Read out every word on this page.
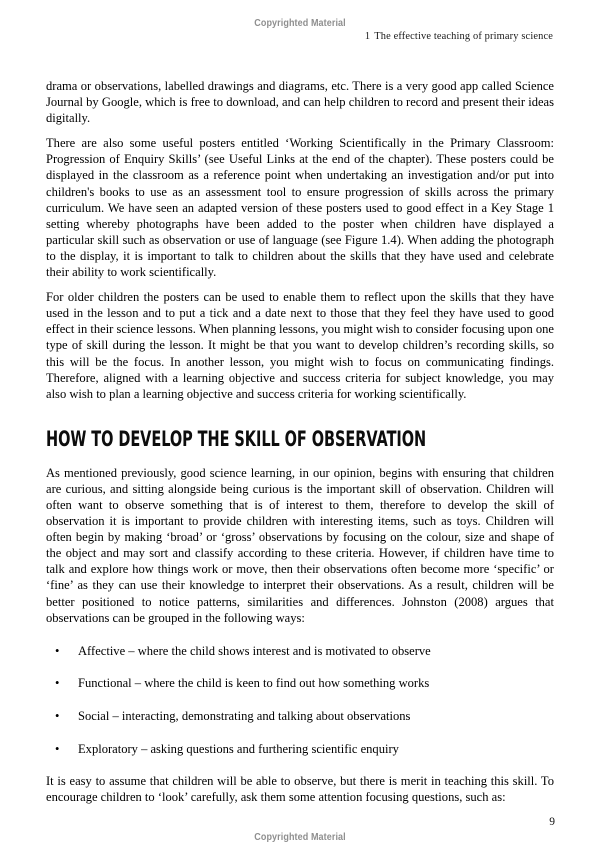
Copyrighted Material
1 The effective teaching of primary science

drama or observations, labelled drawings and diagrams, etc. There is a very good app called Science Journal by Google, which is free to download, and can help children to record and present their ideas digitally.

There are also some useful posters entitled ‘Working Scientifically in the Primary Classroom: Progression of Enquiry Skills’ (see Useful Links at the end of the chapter). These posters could be displayed in the classroom as a reference point when undertaking an investigation and/or put into children's books to use as an assessment tool to ensure progression of skills across the primary curriculum. We have seen an adapted version of these posters used to good effect in a Key Stage 1 setting whereby photographs have been added to the poster when children have displayed a particular skill such as observation or use of language (see Figure 1.4). When adding the photograph to the display, it is important to talk to children about the skills that they have used and celebrate their ability to work scientifically.

For older children the posters can be used to enable them to reflect upon the skills that they have used in the lesson and to put a tick and a date next to those that they feel they have used to good effect in their science lessons. When planning lessons, you might wish to consider focusing upon one type of skill during the lesson. It might be that you want to develop children’s recording skills, so this will be the focus. In another lesson, you might wish to focus on communicating findings. Therefore, aligned with a learning objective and success criteria for subject knowledge, you may also wish to plan a learning objective and success criteria for working scientifically.

HOW TO DEVELOP THE SKILL OF OBSERVATION

As mentioned previously, good science learning, in our opinion, begins with ensuring that children are curious, and sitting alongside being curious is the important skill of observation. Children will often want to observe something that is of interest to them, therefore to develop the skill of observation it is important to provide children with interesting items, such as toys. Children will often begin by making ‘broad’ or ‘gross’ observations by focusing on the colour, size and shape of the object and may sort and classify according to these criteria. However, if children have time to talk and explore how things work or move, then their observations often become more ‘specific’ or ‘fine’ as they can use their knowledge to interpret their observations. As a result, children will be better positioned to notice patterns, similarities and differences. Johnston (2008) argues that observations can be grouped in the following ways:

• Affective – where the child shows interest and is motivated to observe
• Functional – where the child is keen to find out how something works
• Social – interacting, demonstrating and talking about observations
• Exploratory – asking questions and furthering scientific enquiry

It is easy to assume that children will be able to observe, but there is merit in teaching this skill. To encourage children to ‘look’ carefully, ask them some attention focusing questions, such as:

9
Copyrighted Material
